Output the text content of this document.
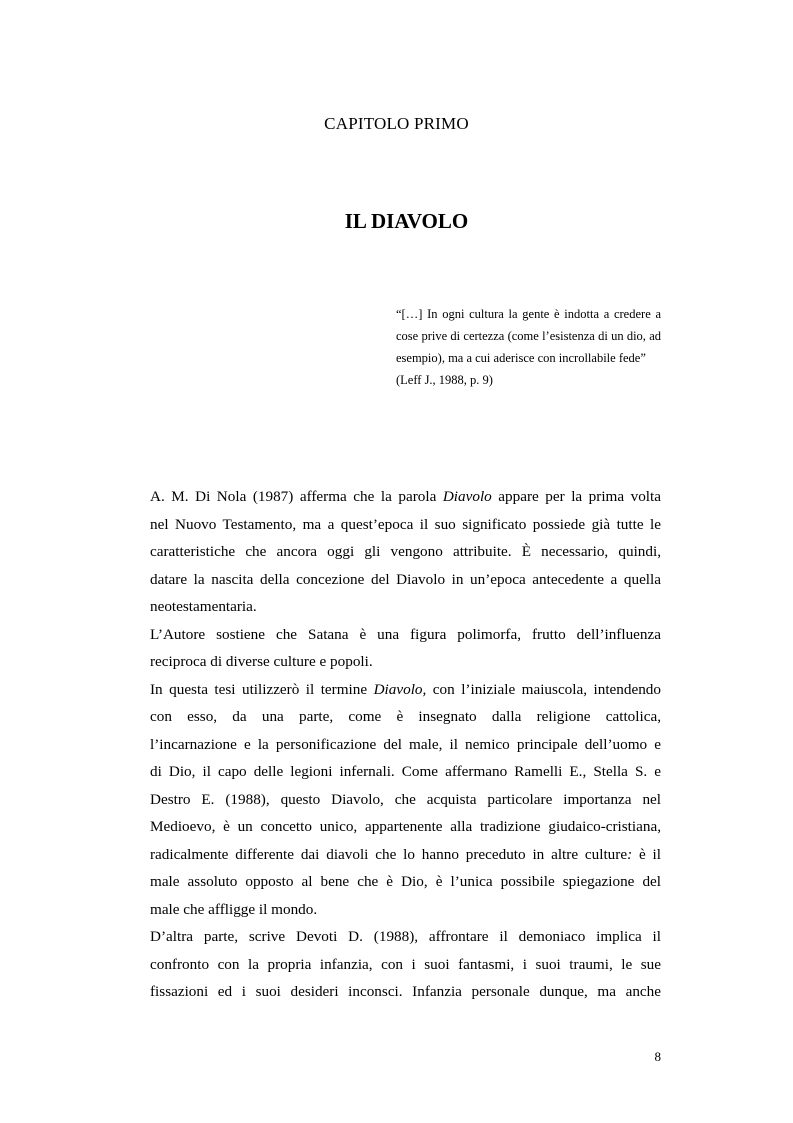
CAPITOLO PRIMO
IL DIAVOLO
“[…] In ogni cultura la gente è indotta a credere a cose prive di certezza (come l’esistenza di un dio, ad esempio), ma a cui aderisce con incrollabile fede”
(Leff J., 1988, p. 9)
A. M. Di Nola (1987) afferma che la parola Diavolo appare per la prima volta
nel Nuovo Testamento, ma a quest’epoca il suo significato possiede già tutte le
caratteristiche che ancora oggi gli vengono attribuite. È necessario, quindi,
datare la nascita della concezione del Diavolo in un’epoca antecedente a quella
neotestamentaria.
L’Autore sostiene che Satana è una figura polimorfa, frutto dell’influenza
reciproca di diverse culture e popoli.
In questa tesi utilizzerò il termine Diavolo, con l’iniziale maiuscola, intendendo
con esso, da una parte, come è insegnato dalla religione cattolica,
l’incarnazione e la personificazione del male, il nemico principale dell’uomo e
di Dio, il capo delle legioni infernali. Come affermano Ramelli E., Stella S. e
Destro E. (1988), questo Diavolo, che acquista particolare importanza nel
Medioevo, è un concetto unico, appartenente alla tradizione giudaico-cristiana,
radicalmente differente dai diavoli che lo hanno preceduto in altre culture: è il
male assoluto opposto al bene che è Dio, è l’unica possibile spiegazione del
male che affligge il mondo.
D’altra parte, scrive Devoti D. (1988), affrontare il demoniaco implica il
confronto con la propria infanzia, con i suoi fantasmi, i suoi traumi, le sue
fissazioni ed i suoi desideri inconsci. Infanzia personale dunque, ma anche
8
